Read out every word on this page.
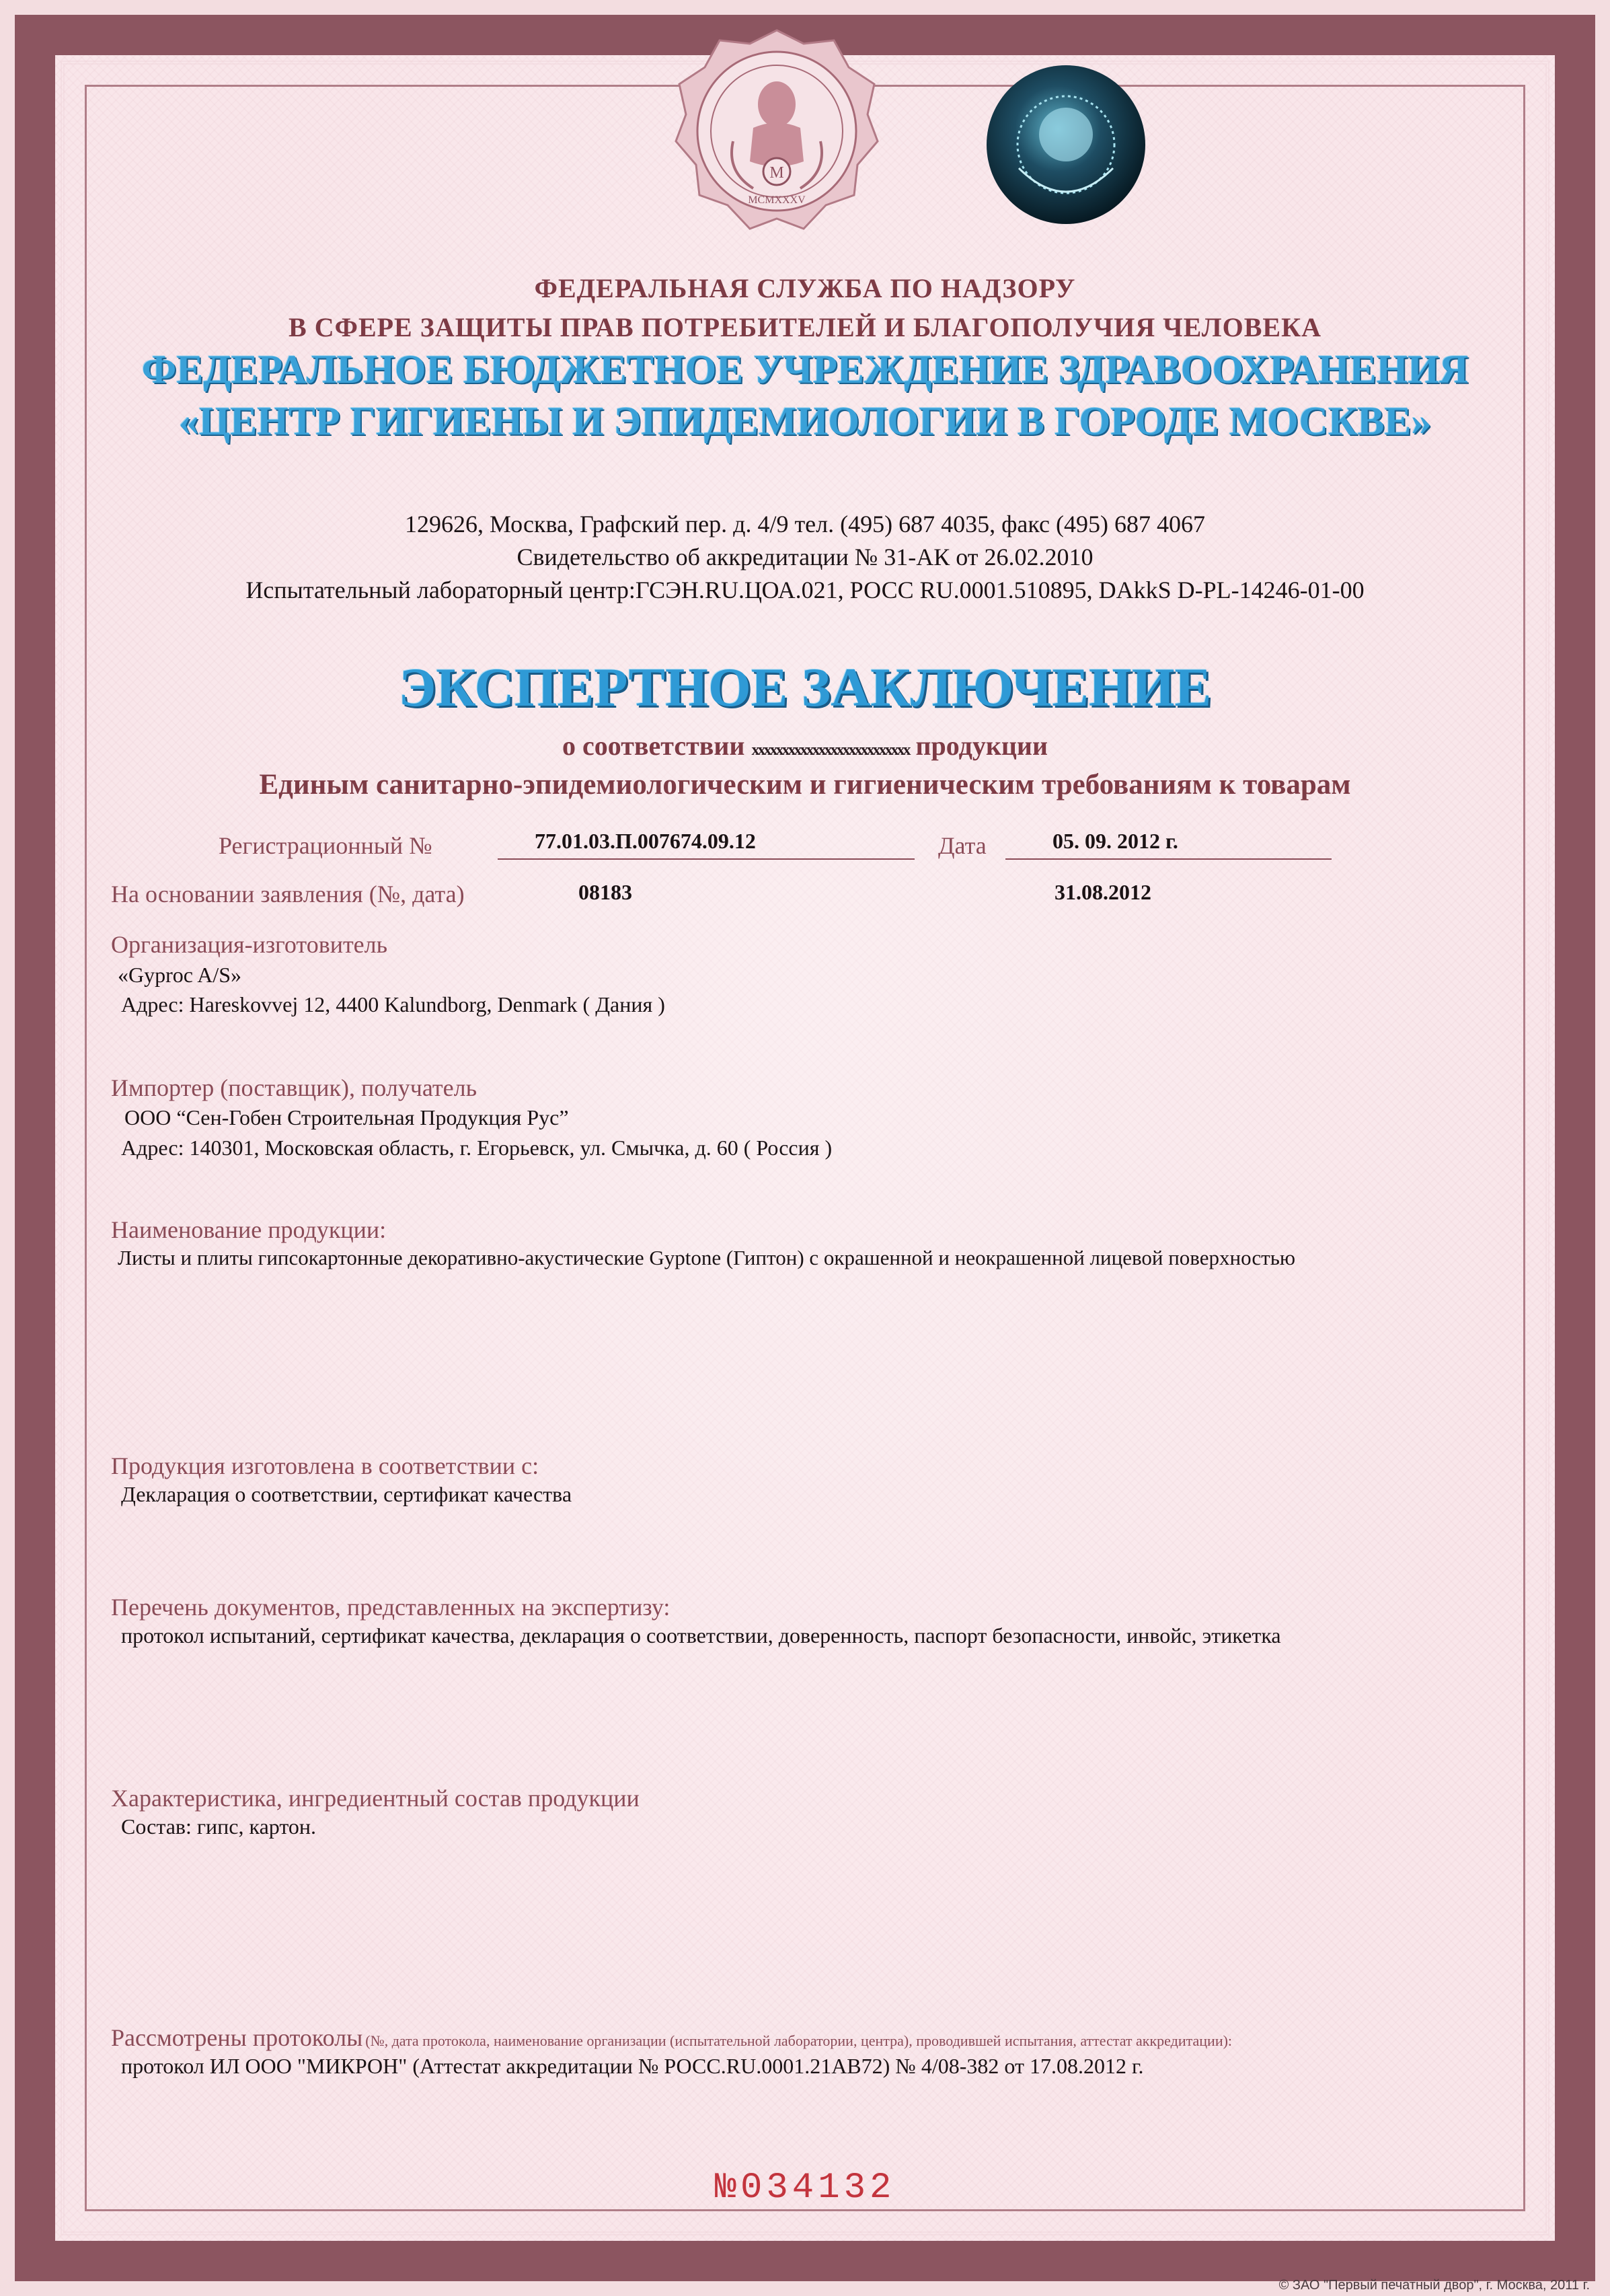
M
MCMXXXV
ФЕДЕРАЛЬНАЯ СЛУЖБА ПО НАДЗОРУ
В СФЕРЕ ЗАЩИТЫ ПРАВ ПОТРЕБИТЕЛЕЙ И БЛАГОПОЛУЧИЯ ЧЕЛОВЕКА
ФЕДЕРАЛЬНОЕ БЮДЖЕТНОЕ УЧРЕЖДЕНИЕ ЗДРАВООХРАНЕНИЯ
«ЦЕНТР ГИГИЕНЫ И ЭПИДЕМИОЛОГИИ В ГОРОДЕ МОСКВЕ»
129626, Москва, Графский пер. д. 4/9 тел. (495) 687 4035, факс (495) 687 4067
Свидетельство об аккредитации № 31-АК от 26.02.2010
Испытательный лабораторный центр:ГСЭН.RU.ЦОА.021, РОСС RU.0001.510895, DAkkS D-PL-14246-01-00
ЭКСПЕРТНОЕ ЗАКЛЮЧЕНИЕ
о соответствии xxxxxxxxxxxxxxxxxxxxxxxxxx продукции
Единым санитарно-эпидемиологическим и гигиеническим требованиям к товарам
Регистрационный №	77.01.03.П.007674.09.12	Дата	05. 09. 2012 г.
На основании заявления (№, дата)	08183	31.08.2012
Организация-изготовитель
«Gyproc A/S»
Адрес: Hareskovvej 12, 4400 Kalundborg, Denmark ( Дания )
Импортер (поставщик), получатель
ООО “Сен-Гобен Строительная Продукция Рус”
Адрес: 140301, Московская область, г. Егорьевск, ул. Смычка, д. 60 ( Россия )
Наименование продукции:
Листы и плиты гипсокартонные декоративно-акустические Gyptone (Гиптон) с окрашенной и неокрашенной лицевой поверхностью
Продукция изготовлена в соответствии с:
Декларация о соответствии, сертификат качества
Перечень документов, представленных на экспертизу:
протокол испытаний, сертификат качества, декларация о соответствии, доверенность, паспорт безопасности, инвойс, этикетка
Характеристика, ингредиентный состав продукции
Состав: гипс, картон.
Рассмотрены протоколы (№, дата протокола, наименование организации (испытательной лаборатории, центра), проводившей испытания, аттестат аккредитации):
протокол ИЛ ООО "МИКРОН" (Аттестат аккредитации № РОСС.RU.0001.21АВ72) № 4/08-382 от 17.08.2012 г.
№034132
© ЗАО "Первый печатный двор", г. Москва, 2011 г.
